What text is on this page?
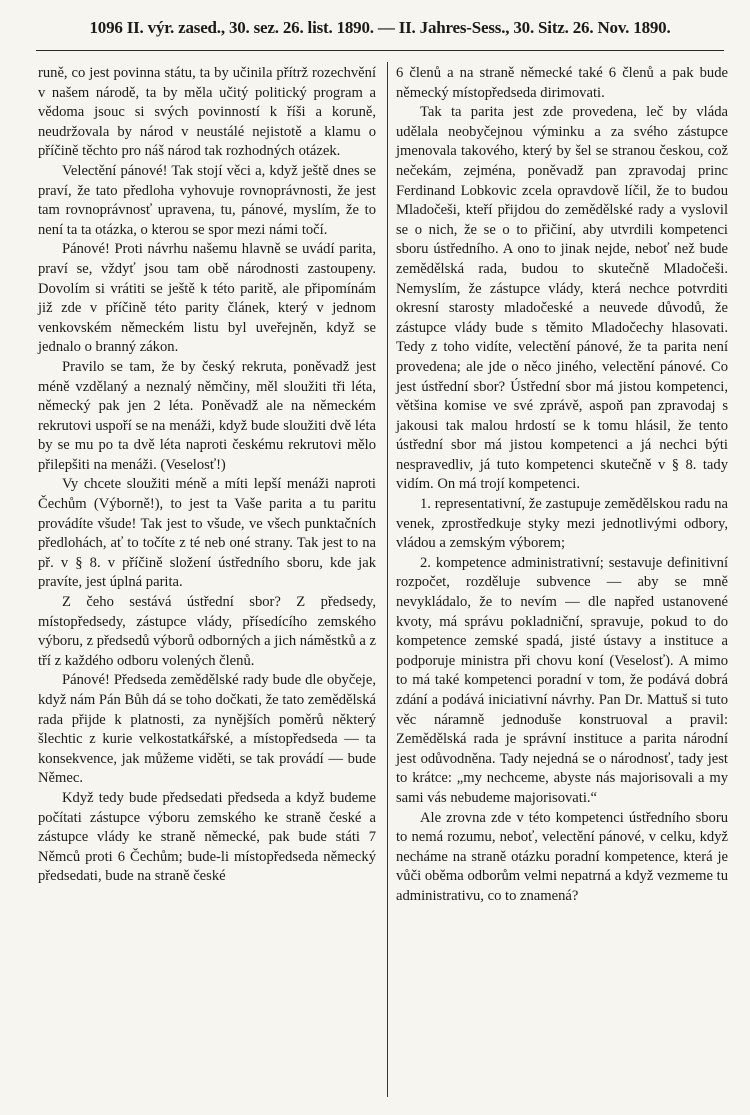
1096 II. výr. zased., 30. sez. 26. list. 1890. — II. Jahres-Sess., 30. Sitz. 26. Nov. 1890.

runě, co jest povinna státu, ta by učinila přítrž rozechvění v našem národě, ta by měla učitý politický program a vědoma jsouc si svých povinností k říši a koruně, neudržovala by národ v neustálé nejistotě a klamu o příčině těchto pro náš národ tak rozhodných otázek.

Velectění pánové! Tak stojí věci a, když ještě dnes se praví, že tato předloha vyhovuje rovnoprávnosti, že jest tam rovnoprávnosť upravena, tu, pánové, myslím, že to není ta ta otázka, o kterou se spor mezi námi točí.

Pánové! Proti návrhu našemu hlavně se uvádí parita, praví se, vždyť jsou tam obě národnosti zastoupeny. Dovolím si vrátiti se ještě k této paritě, ale připomínám již zde v příčině této parity článek, který v jednom venkovském německém listu byl uveřejněn, když se jednalo o branný zákon.

Pravilo se tam, že by český rekruta, poněvadž jest méně vzdělaný a neznalý němčiny, měl sloužiti tři léta, německý pak jen 2 léta. Poněvadž ale na německém rekrutovi uspoří se na menáži, když bude sloužiti dvě léta by se mu po ta dvě léta naproti českému rekrutovi mělo přilepšiti na menáži. (Veselosť!)

Vy chcete sloužiti méně a míti lepší menáži naproti Čechům (Výborně!), to jest ta Vaše parita a tu paritu provádíte všude! Tak jest to všude, ve všech punktačních předlohách, ať to točíte z té neb oné strany. Tak jest to na př. v § 8. v příčině složení ústředního sboru, kde jak pravíte, jest úplná parita.

Z čeho sestává ústřední sbor? Z předsedy, místopředsedy, zástupce vlády, přísedícího zemského výboru, z předsedů výborů odborných a jich náměstků a z tří z každého odboru volených členů.

Pánové! Předseda zemědělské rady bude dle obyčeje, když nám Pán Bůh dá se toho dočkati, že tato zemědělská rada přijde k platnosti, za nynějších poměrů některý šlechtic z kurie velkostatkářské, a místopředseda — ta konsekvence, jak můžeme viděti, se tak provádí — bude Němec.

Když tedy bude předsedati předseda a když budeme počítati zástupce výboru zemského ke straně české a zástupce vlády ke straně německé, pak bude státi 7 Němců proti 6 Čechům; bude-li místopředseda německý předsedati, bude na straně české

6 členů a na straně německé také 6 členů a pak bude německý místopředseda dirimovati.

Tak ta parita jest zde provedena, leč by vláda udělala neobyčejnou výminku a za svého zástupce jmenovala takového, který by šel se stranou českou, což nečekám, zejména, poněvadž pan zpravodaj princ Ferdinand Lobkovic zcela opravdově líčil, že to budou Mladočeši, kteří přijdou do zemědělské rady a vyslovil se o nich, že se o to přičiní, aby utvrdili kompetenci sboru ústředního. A ono to jinak nejde, neboť než bude zemědělská rada, budou to skutečně Mladočeši. Nemyslím, že zástupce vlády, která nechce potvrditi okresní starosty mladočeské a neuvede důvodů, že zástupce vlády bude s těmito Mladočechy hlasovati. Tedy z toho vidíte, velectění pánové, že ta parita není provedena; ale jde o něco jiného, velectění pánové. Co jest ústřední sbor? Ústřední sbor má jistou kompetenci, většina komise ve své zprávě, aspoň pan zpravodaj s jakousi tak malou hrdostí se k tomu hlásil, že tento ústřední sbor má jistou kompetenci a já nechci býti nespravedliv, já tuto kompetenci skutečně v § 8. tady vidím. On má trojí kompetenci.

1. representativní, že zastupuje zemědělskou radu na venek, zprostředkuje styky mezi jednotlivými odbory, vládou a zemským výborem;

2. kompetence administrativní; sestavuje definitivní rozpočet, rozděluje subvence — aby se mně nevykládalo, že to nevím — dle napřed ustanovené kvoty, má správu pokladniční, spravuje, pokud to do kompetence zemské spadá, jisté ústavy a instituce a podporuje ministra při chovu koní (Veselosť). A mimo to má také kompetenci poradní v tom, že podává dobrá zdání a podává iniciativní návrhy. Pan Dr. Mattuš si tuto věc náramně jednoduše konstruoval a pravil: Zemědělská rada je správní instituce a parita národní jest odůvodněna. Tady nejedná se o národnosť, tady jest to krátce: „my nechceme, abyste nás majorisovali a my sami vás nebudeme majorisovati.“

Ale zrovna zde v této kompetenci ústředního sboru to nemá rozumu, neboť, velectění pánové, v celku, když necháme na straně otázku poradní kompetence, která je vůči oběma odborům velmi nepatrná a když vezmeme tu administrativu, co to znamená?
